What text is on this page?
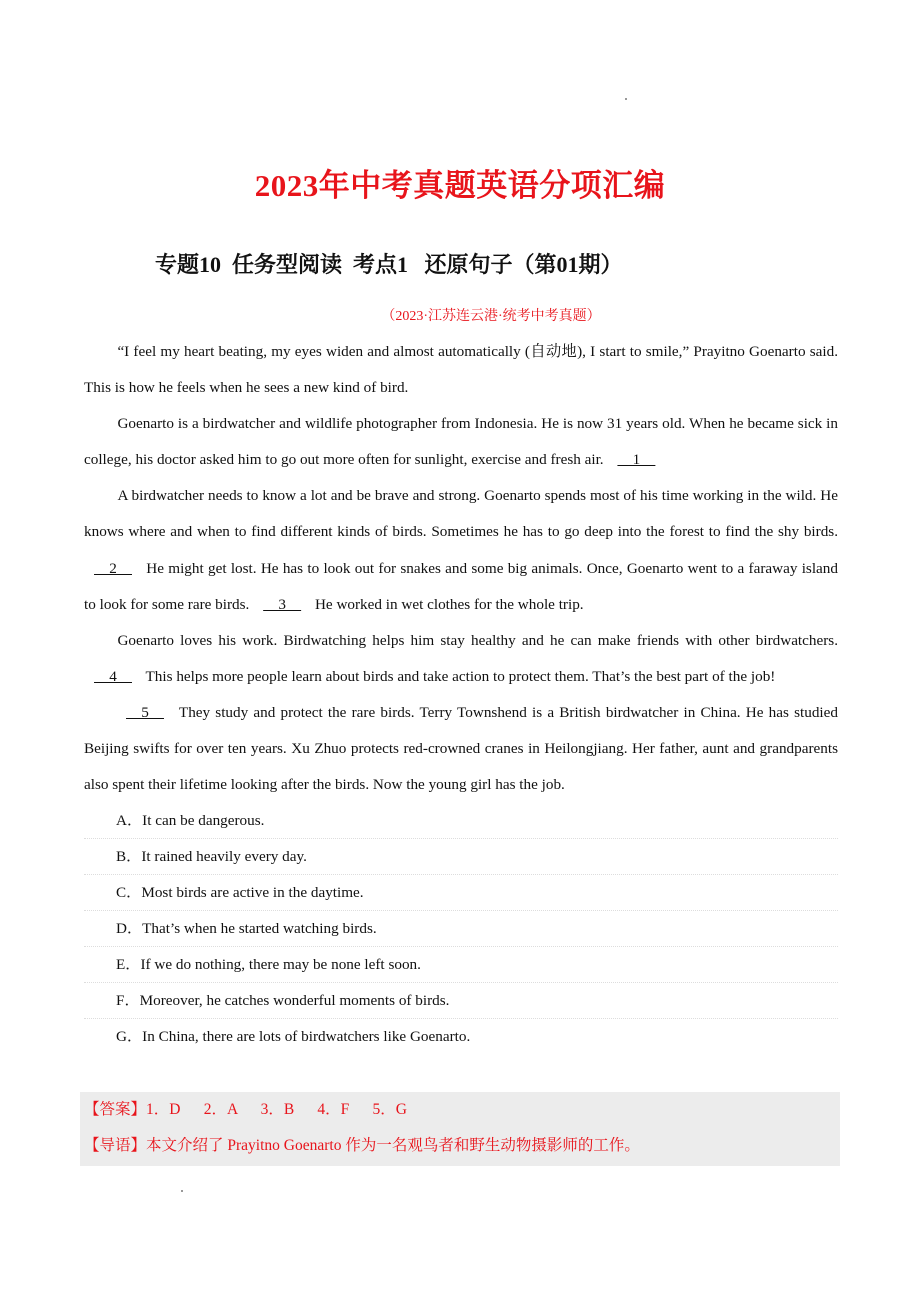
2023年中考真题英语分项汇编
专题10  任务型阅读  考点1   还原句子（第01期）
（2023·江苏连云港·统考中考真题）

“I feel my heart beating, my eyes widen and almost automatically (自动地), I start to smile,” Prayitno Goenarto said. This is how he feels when he sees a new kind of bird.

Goenarto is a birdwatcher and wildlife photographer from Indonesia. He is now 31 years old. When he became sick in college, his doctor asked him to go out more often for sunlight, exercise and fresh air.     1

A birdwatcher needs to know a lot and be brave and strong. Goenarto spends most of his time working in the wild. He knows where and when to find different kinds of birds. Sometimes he has to go deep into the forest to find the shy birds.     2     He might get lost. He has to look out for snakes and some big animals. Once, Goenarto went to a faraway island to look for some rare birds.     3     He worked in wet clothes for the whole trip.

Goenarto loves his work. Birdwatching helps him stay healthy and he can make friends with other birdwatchers.     4     This helps more people learn about birds and take action to protect them. That’s the best part of the job!

5     They study and protect the rare birds. Terry Townshend is a British birdwatcher in China. He has studied Beijing swifts for over ten years. Xu Zhuo protects red-crowned cranes in Heilongjiang. Her father, aunt and grandparents also spent their lifetime looking after the birds. Now the young girl has the job.

A．It can be dangerous.
B．It rained heavily every day.
C．Most birds are active in the daytime.
D．That’s when he started watching birds.
E．If we do nothing, there may be none left soon.
F．Moreover, he catches wonderful moments of birds.
G．In China, there are lots of birdwatchers like Goenarto.
【答案】1．D 2．A 3．B 4．F 5．G
【导语】本文介绍了 Prayitno Goenarto 作为一名观鸟者和野生动物摄影师的工作。
